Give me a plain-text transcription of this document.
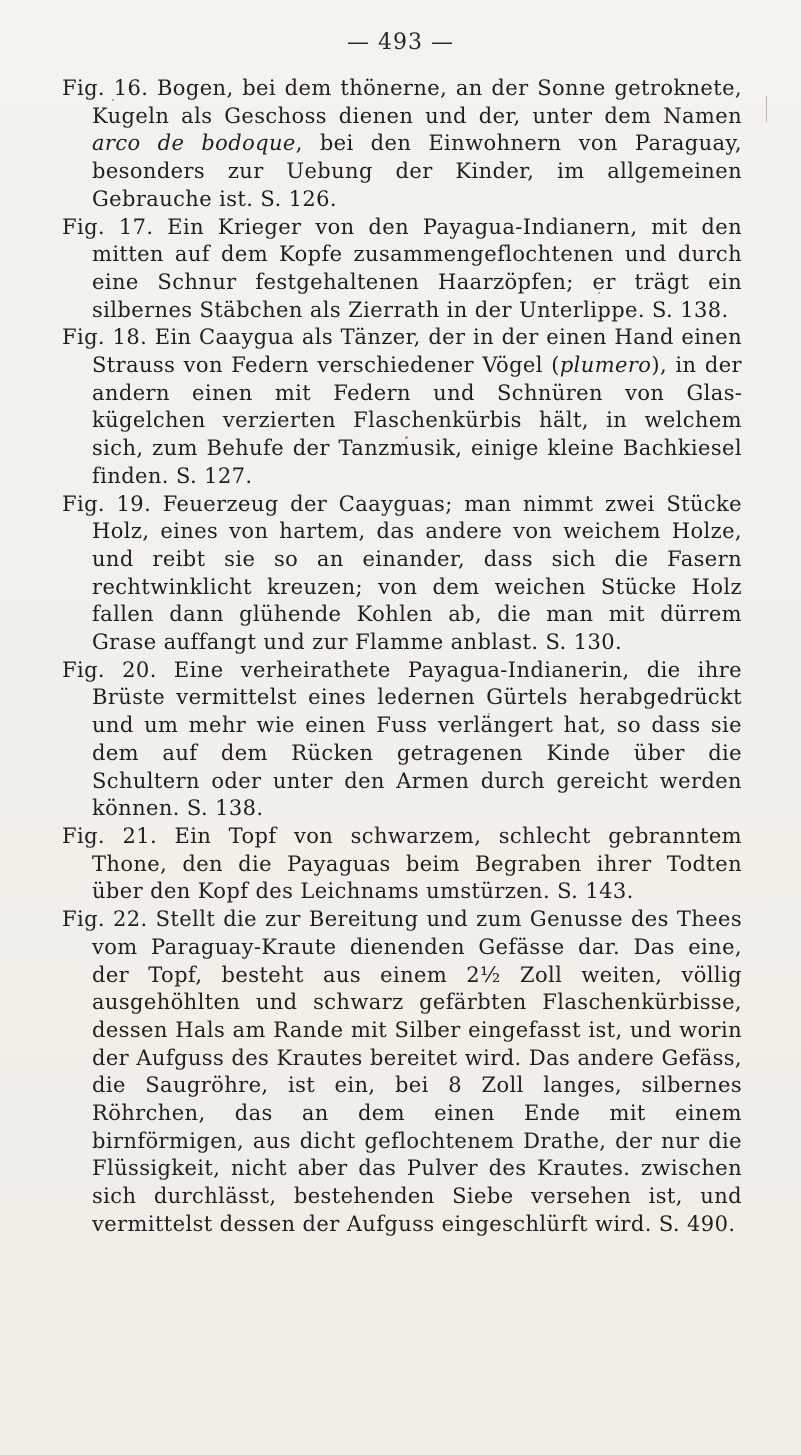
— 493 —

Fig. 16. Bogen, bei dem thönerne, an der Sonne getroknete, Kugeln als Geschoss dienen und der, unter dem Namen arco de bodoque, bei den Einwohnern von Paraguay, besonders zur Uebung der Kinder, im allgemeinen Gebrauche ist. S. 126.

Fig. 17. Ein Krieger von den Payagua-Indianern, mit den mitten auf dem Kopfe zusammengeflochtenen und durch eine Schnur festgehaltenen Haarzöpfen; er trägt ein silbernes Stäbchen als Zierrath in der Unterlippe. S. 138.

Fig. 18. Ein Caaygua als Tänzer, der in der einen Hand einen Strauss von Federn verschiedener Vögel (plumero), in der andern einen mit Federn und Schnüren von Glaskügelchen verzierten Flaschenkürbis hält, in welchem sich, zum Behufe der Tanzmusik, einige kleine Bachkiesel finden. S. 127.

Fig. 19. Feuerzeug der Caayguas; man nimmt zwei Stücke Holz, eines von hartem, das andere von weichem Holze, und reibt sie so an einander, dass sich die Fasern rechtwinklicht kreuzen; von dem weichen Stücke Holz fallen dann glühende Kohlen ab, die man mit dürrem Grase auffangt und zur Flamme anblast. S. 130.

Fig. 20. Eine verheirathete Payagua-Indianerin, die ihre Brüste vermittelst eines ledernen Gürtels herabgedrückt und um mehr wie einen Fuss verlängert hat, so dass sie dem auf dem Rücken getragenen Kinde über die Schultern oder unter den Armen durch gereicht werden können. S. 138.

Fig. 21. Ein Topf von schwarzem, schlecht gebranntem Thone, den die Payaguas beim Begraben ihrer Todten über den Kopf des Leichnams umstürzen. S. 143.

Fig. 22. Stellt die zur Bereitung und zum Genusse des Thees vom Paraguay-Kraute dienenden Gefässe dar. Das eine, der Topf, besteht aus einem 2½ Zoll weiten, völlig ausgehöhlten und schwarz gefärbten Flaschenkürbisse, dessen Hals am Rande mit Silber eingefasst ist, und worin der Aufguss des Krautes bereitet wird. Das andere Gefäss, die Saugröhre, ist ein, bei 8 Zoll langes, silbernes Röhrchen, das an dem einen Ende mit einem birnförmigen, aus dicht geflochtenem Drathe, der nur die Flüssigkeit, nicht aber das Pulver des Krautes. zwischen sich durchlässt, bestehenden Siebe versehen ist, und vermittelst dessen der Aufguss eingeschlürft wird. S. 490.
